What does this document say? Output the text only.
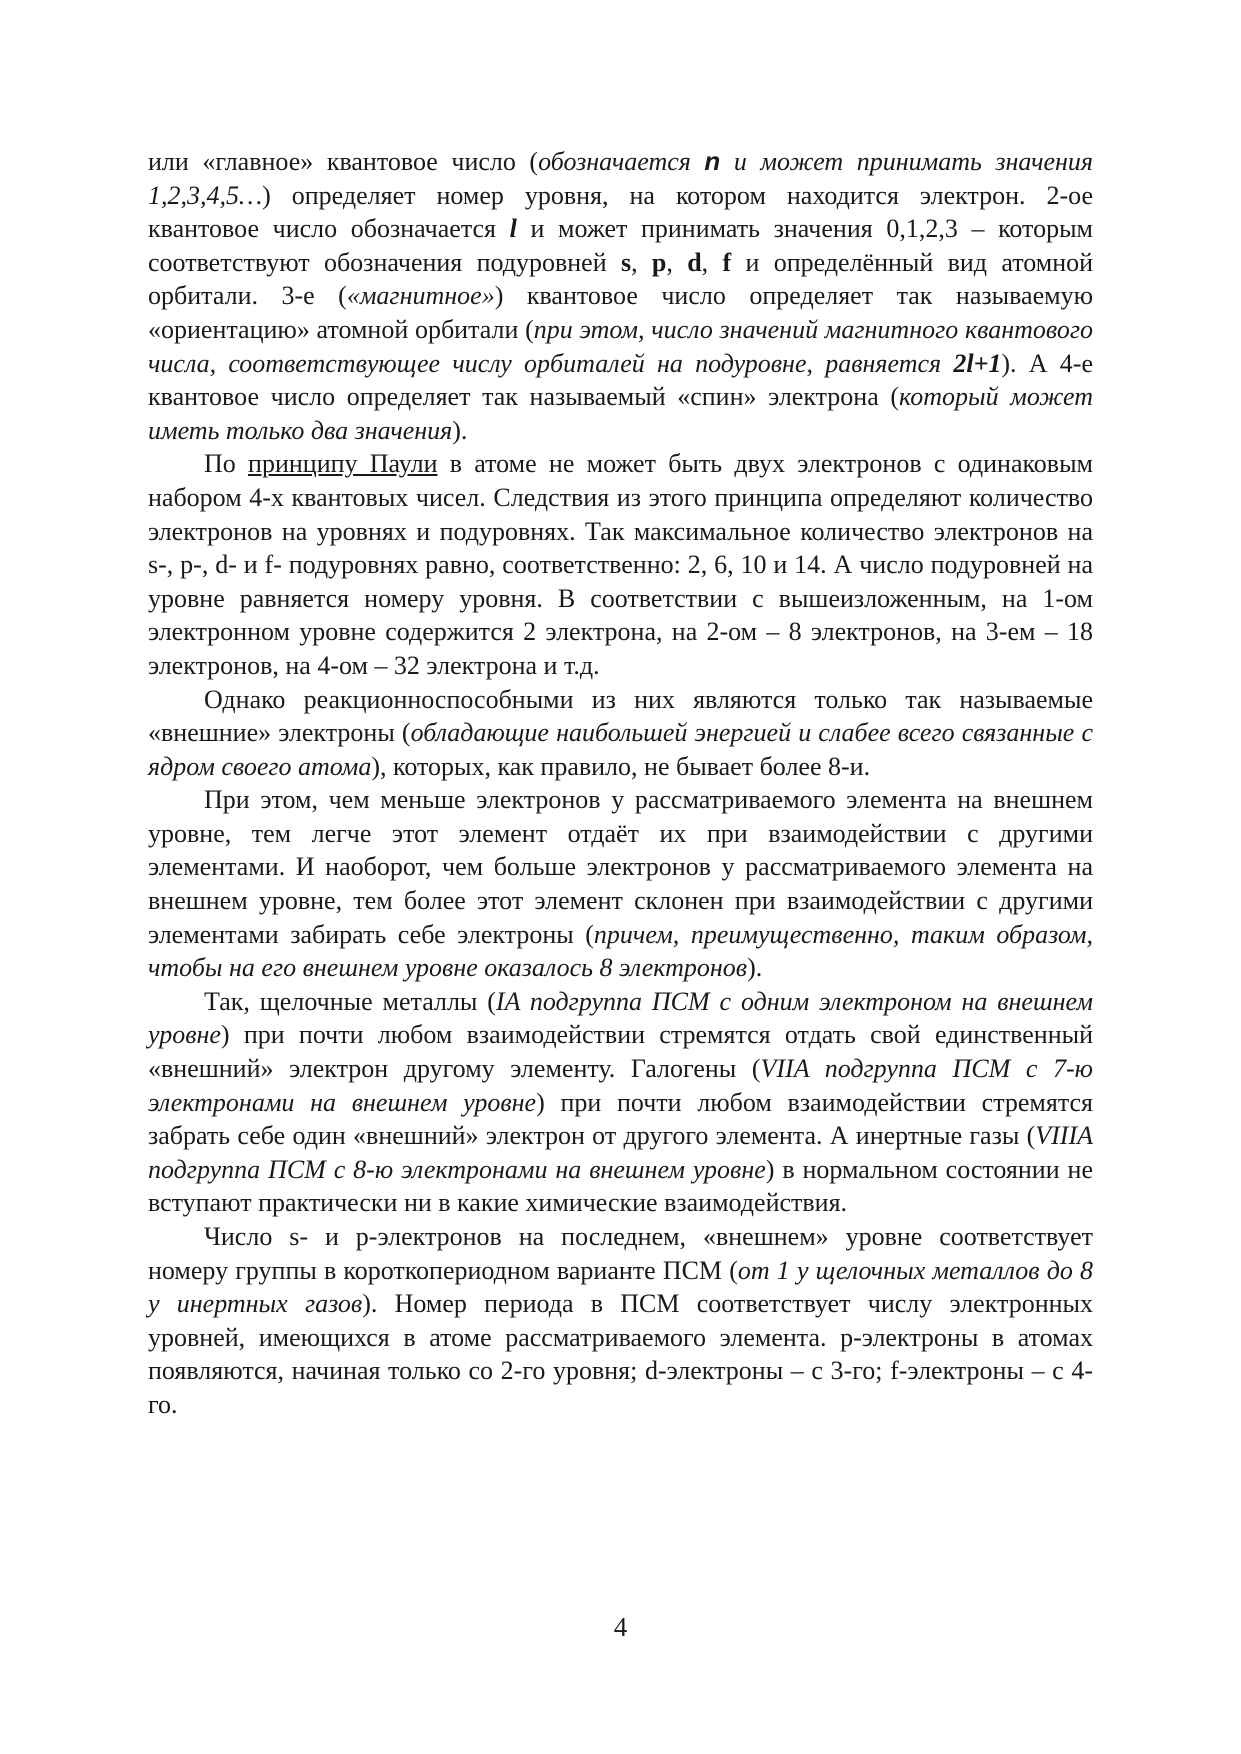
или «главное» квантовое число (обозначается n и может принимать значения 1,2,3,4,5…) определяет номер уровня, на котором находится электрон. 2-ое квантовое число обозначается l и может принимать значения 0,1,2,3 – которым соответствуют обозначения подуровней s, p, d, f и определённый вид атомной орбитали. 3-е («магнитное») квантовое число определяет так называемую «ориентацию» атомной орбитали (при этом, число значений магнитного квантового числа, соответствующее числу орбиталей на подуровне, равняется 2l+1). А 4-е квантовое число определяет так называемый «спин» электрона (который может иметь только два значения).

По принципу Паули в атоме не может быть двух электронов с одинаковым набором 4-х квантовых чисел. Следствия из этого принципа определяют количество электронов на уровнях и подуровнях. Так максимальное количество электронов на s-, p-, d- и f- подуровнях равно, соответственно: 2, 6, 10 и 14. А число подуровней на уровне равняется номеру уровня. В соответствии с вышеизложенным, на 1-ом электронном уровне содержится 2 электрона, на 2-ом – 8 электронов, на 3-ем – 18 электронов, на 4-ом – 32 электрона и т.д.

Однако реакционноспособными из них являются только так называемые «внешние» электроны (обладающие наибольшей энергией и слабее всего связанные с ядром своего атома), которых, как правило, не бывает более 8-и.

При этом, чем меньше электронов у рассматриваемого элемента на внешнем уровне, тем легче этот элемент отдаёт их при взаимодействии с другими элементами. И наоборот, чем больше электронов у рассматриваемого элемента на внешнем уровне, тем более этот элемент склонен при взаимодействии с другими элементами забирать себе электроны (причем, преимущественно, таким образом, чтобы на его внешнем уровне оказалось 8 электронов).

Так, щелочные металлы (IA подгруппа ПСМ с одним электроном на внешнем уровне) при почти любом взаимодействии стремятся отдать свой единственный «внешний» электрон другому элементу. Галогены (VIIA подгруппа ПСМ с 7-ю электронами на внешнем уровне) при почти любом взаимодействии стремятся забрать себе один «внешний» электрон от другого элемента. А инертные газы (VIIIA подгруппа ПСМ с 8-ю электронами на внешнем уровне) в нормальном состоянии не вступают практически ни в какие химические взаимодействия.

Число s- и p-электронов на последнем, «внешнем» уровне соответствует номеру группы в короткопериодном варианте ПСМ (от 1 у щелочных металлов до 8 у инертных газов). Номер периода в ПСМ соответствует числу электронных уровней, имеющихся в атоме рассматриваемого элемента. р-электроны в атомах появляются, начиная только со 2-го уровня; d-электроны – с 3-го; f-электроны – с 4-го.

4
